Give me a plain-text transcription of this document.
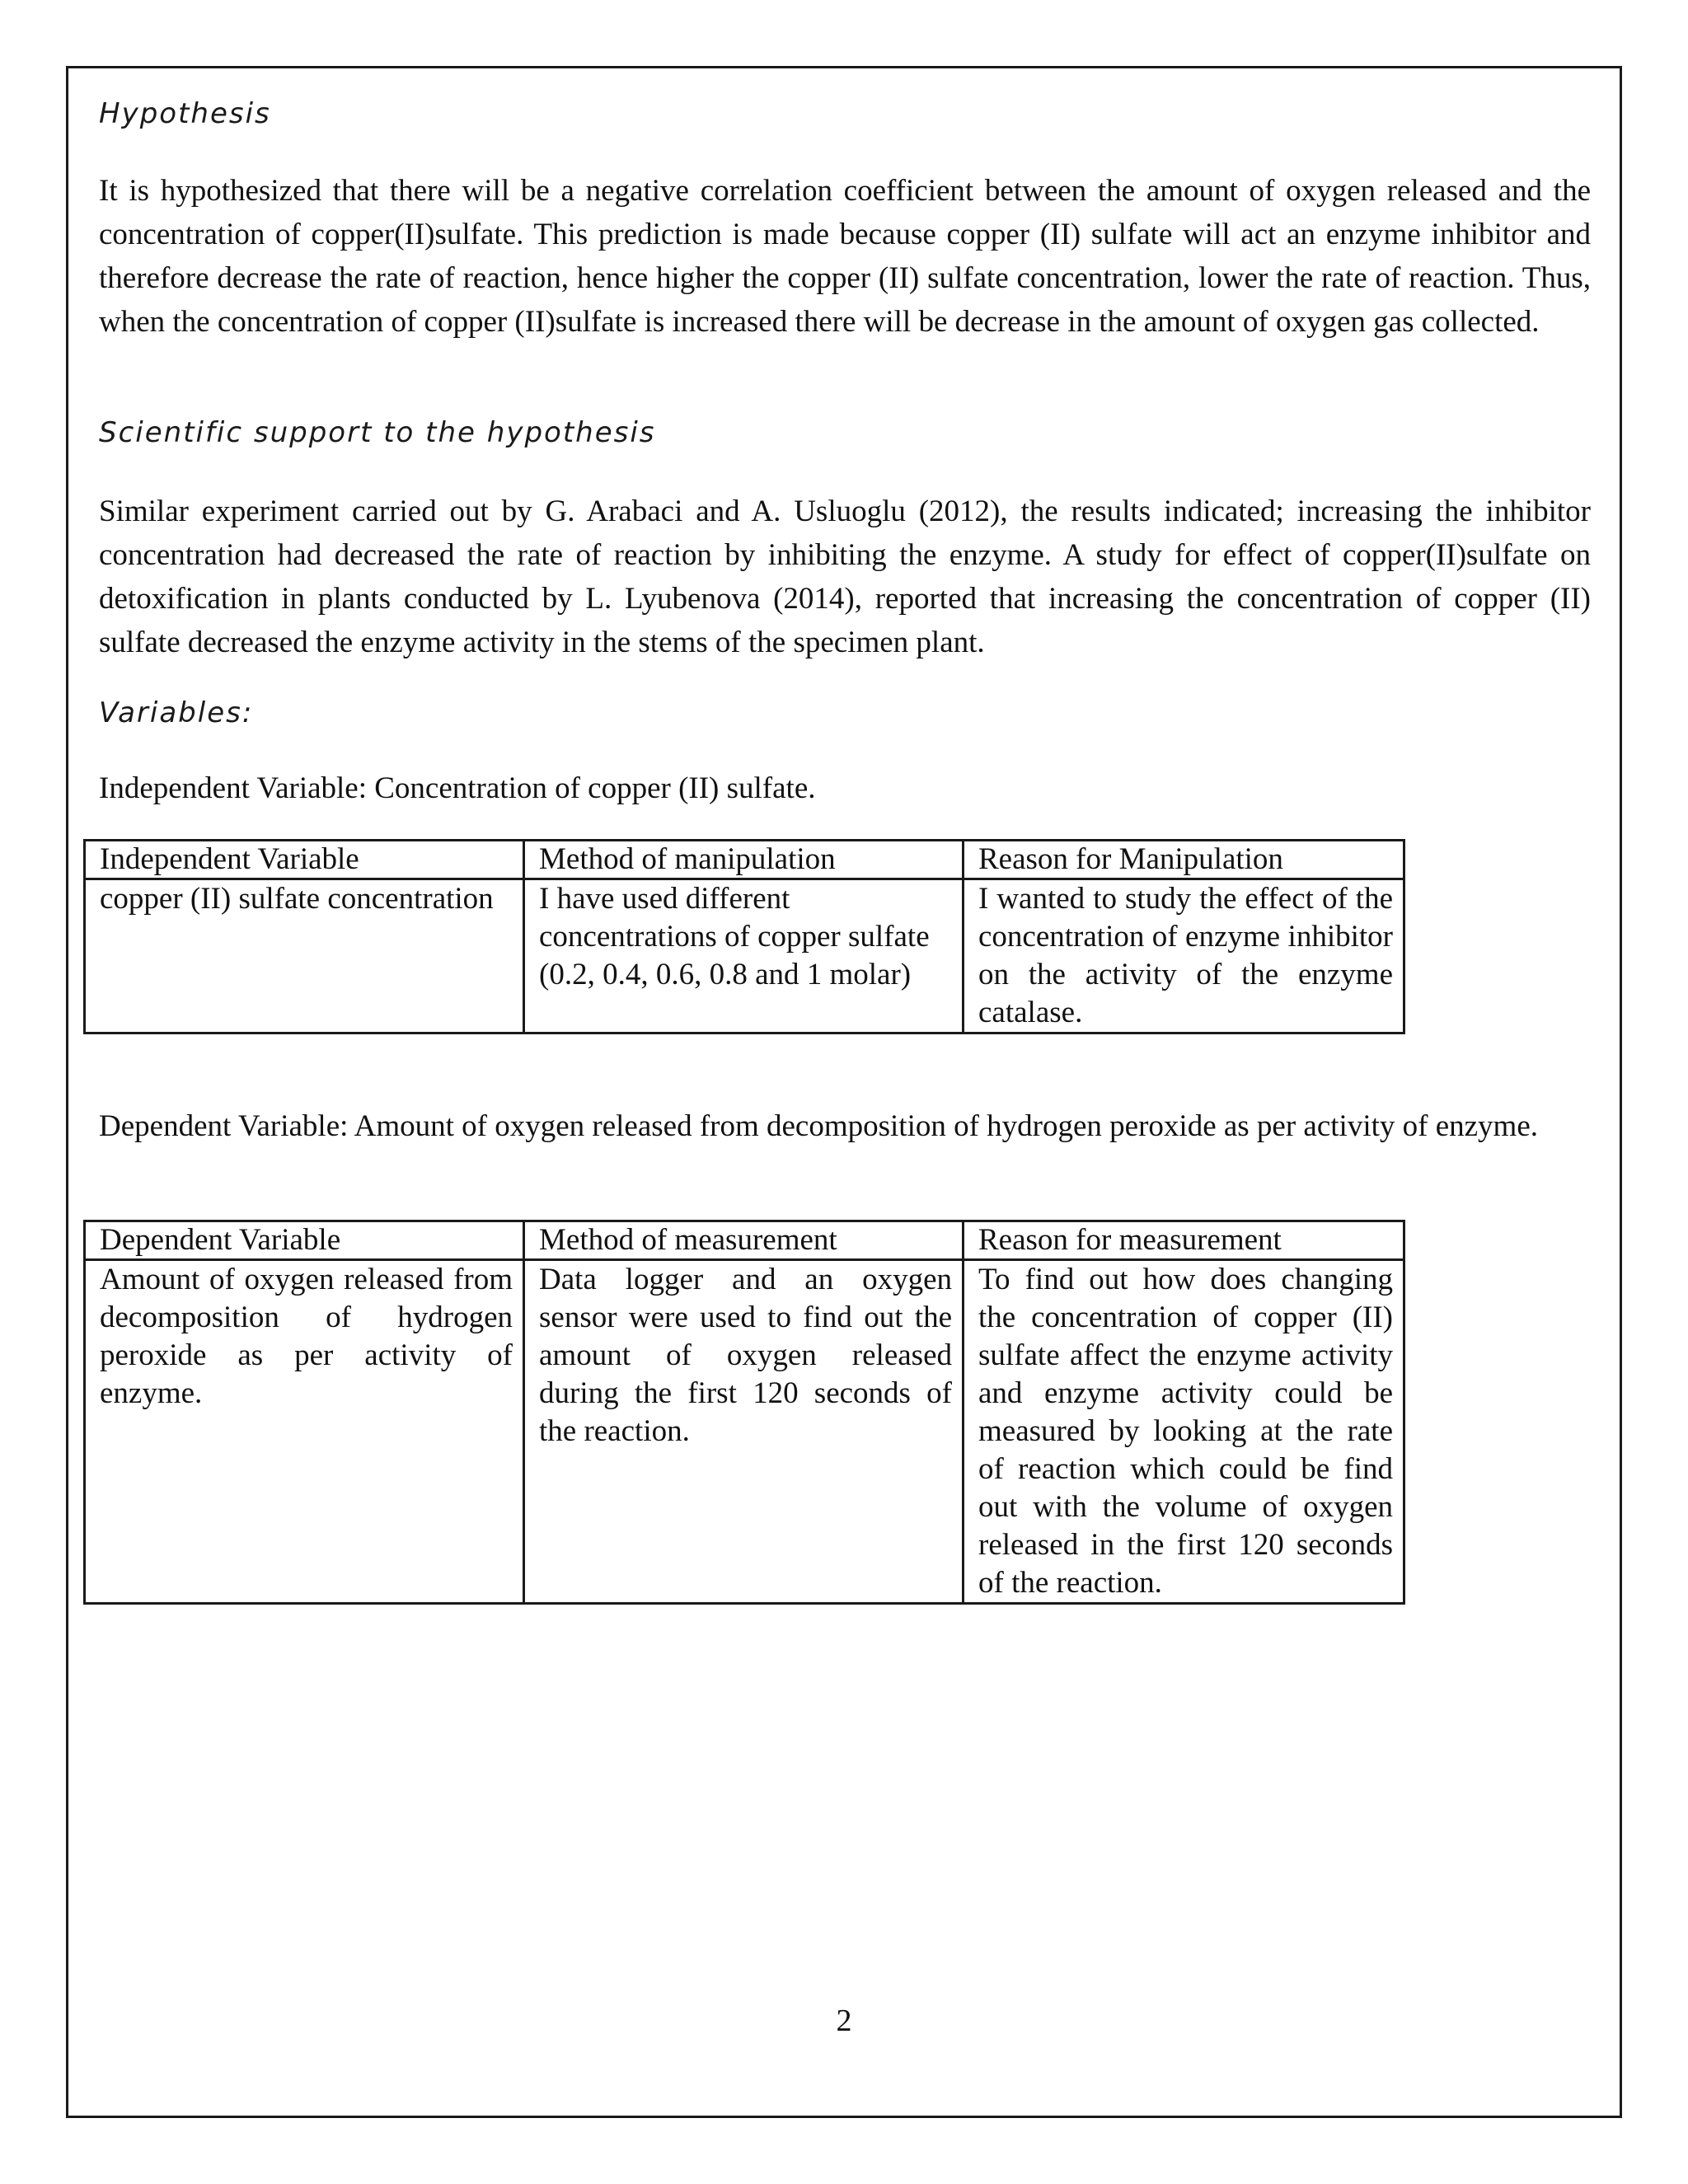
Hypothesis

It is hypothesized that there will be a negative correlation coefficient between the amount of oxygen released and the concentration of copper(II)sulfate. This prediction is made because copper (II) sulfate will act an enzyme inhibitor and therefore decrease the rate of reaction, hence higher the copper (II) sulfate concentration, lower the rate of reaction. Thus, when the concentration of copper (II)sulfate is increased there will be decrease in the amount of oxygen gas collected.

Scientific support to the hypothesis

Similar experiment carried out by G. Arabaci and A. Usluoglu (2012), the results indicated; increasing the inhibitor concentration had decreased the rate of reaction by inhibiting the enzyme. A study for effect of copper(II)sulfate on detoxification in plants conducted by L. Lyubenova (2014), reported that increasing the concentration of copper (II) sulfate decreased the enzyme activity in the stems of the specimen plant.

Variables:

Independent Variable: Concentration of copper (II) sulfate.

Independent Variable	Method of manipulation	Reason for Manipulation
copper (II) sulfate concentration	I have used different concentrations of copper sulfate (0.2, 0.4, 0.6, 0.8 and 1 molar)	I wanted to study the effect of the concentration of enzyme inhibitor on the activity of the enzyme catalase.

Dependent Variable: Amount of oxygen released from decomposition of hydrogen peroxide as per activity of enzyme.

Dependent Variable	Method of measurement	Reason for measurement
Amount of oxygen released from decomposition of hydrogen peroxide as per activity of enzyme.	Data logger and an oxygen sensor were used to find out the amount of oxygen released during the first 120 seconds of the reaction.	To find out how does changing the concentration of copper (II) sulfate affect the enzyme activity and enzyme activity could be measured by looking at the rate of reaction which could be find out with the volume of oxygen released in the first 120 seconds of the reaction.

2
